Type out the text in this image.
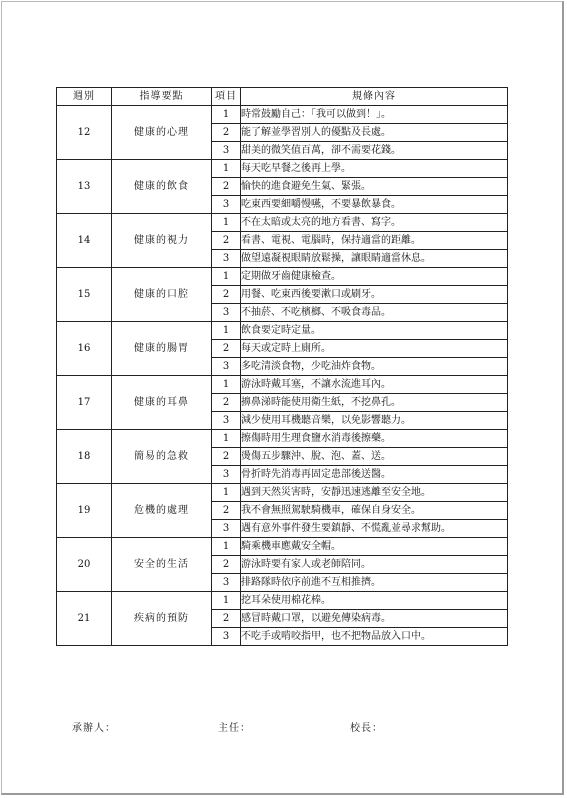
週別	指導要點	項目	規條內容
12	健康的心理	1	時常鼓勵自己：「我可以做到！」。
		2	能了解並學習別人的優點及長處。
		3	甜美的微笑值百萬，卻不需要花錢。
13	健康的飲食	1	每天吃早餐之後再上學。
		2	愉快的進食避免生氣、緊張。
		3	吃東西要細嚼慢嚥，不要暴飲暴食。
14	健康的視力	1	不在太暗或太亮的地方看書、寫字。
		2	看書、電視、電腦時，保持適當的距離。
		3	做望遠凝視眼睛放鬆操，讓眼睛適當休息。
15	健康的口腔	1	定期做牙齒健康檢查。
		2	用餐、吃東西後要漱口或刷牙。
		3	不抽菸、不吃檳榔、不吸食毒品。
16	健康的腸胃	1	飲食要定時定量。
		2	每天或定時上廁所。
		3	多吃清淡食物，少吃油炸食物。
17	健康的耳鼻	1	游泳時戴耳塞，不讓水流進耳內。
		2	擤鼻涕時能使用衛生紙，不挖鼻孔。
		3	減少使用耳機聽音樂，以免影響聽力。
18	簡易的急救	1	擦傷時用生理食鹽水消毒後擦藥。
		2	燙傷五步驟沖、脫、泡、蓋、送。
		3	骨折時先消毒再固定患部後送醫。
19	危機的處理	1	遇到天然災害時，安靜迅速逃離至安全地。
		2	我不會無照駕駛騎機車，確保自身安全。
		3	遇有意外事件發生要鎮靜、不慌亂並尋求幫助。
20	安全的生活	1	騎乘機車應戴安全帽。
		2	游泳時要有家人或老師陪同。
		3	排路隊時依序前進不互相推擠。
21	疾病的預防	1	挖耳朵使用棉花棒。
		2	感冒時戴口罩，以避免傳染病毒。
		3	不吃手或啃咬指甲，也不把物品放入口中。
承辦人：	主任：	校長：
